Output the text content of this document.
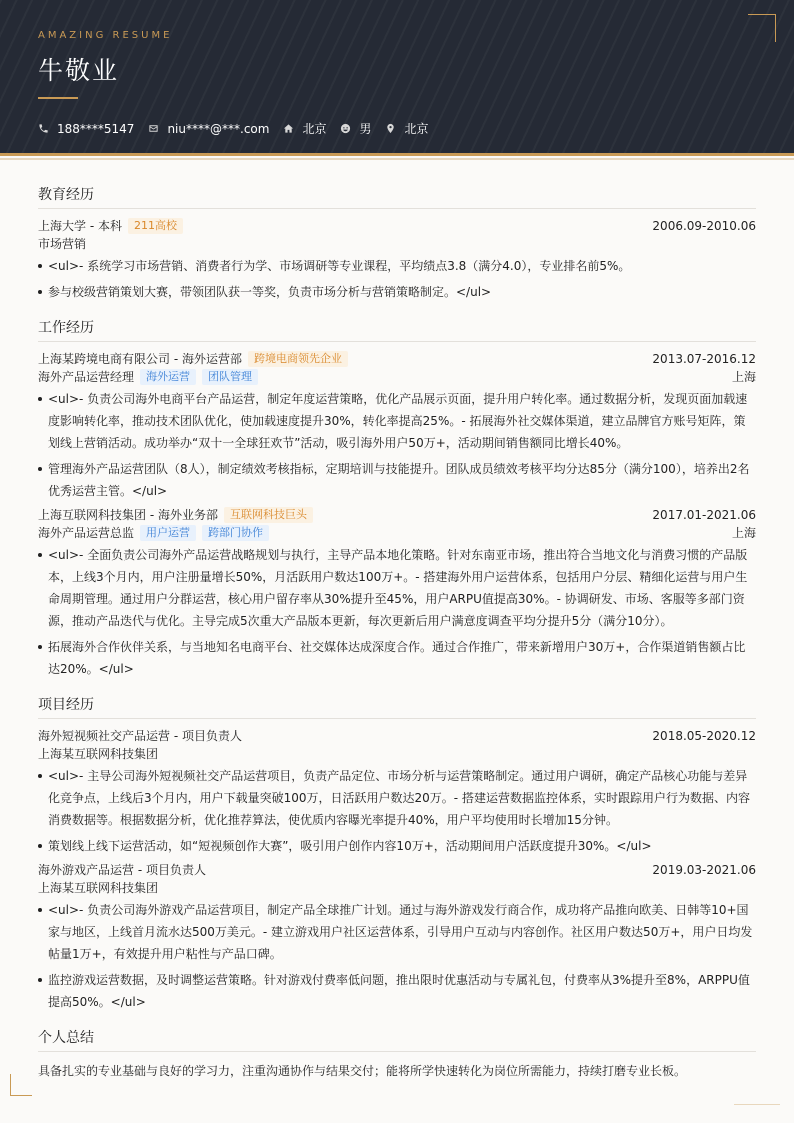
AMAZING RESUME
牛敬业
188****5147	niu****@***.com	北京	男	北京
教育经历
上海大学 - 本科	211高校	2006.09-2010.06
市场营销
<ul>- 系统学习市场营销、消费者行为学、市场调研等专业课程，平均绩点3.8（满分4.0），专业排名前5%。
参与校级营销策划大赛，带领团队获一等奖，负责市场分析与营销策略制定。</ul>
工作经历
上海某跨境电商有限公司 - 海外运营部	跨境电商领先企业	2013.07-2016.12
海外产品运营经理	海外运营	团队管理	上海
<ul>- 负责公司海外电商平台产品运营，制定年度运营策略，优化产品展示页面，提升用户转化率。通过数据分析，发现页面加载速度影响转化率，推动技术团队优化，使加载速度提升30%，转化率提高25%。- 拓展海外社交媒体渠道，建立品牌官方账号矩阵，策划线上营销活动。成功举办“双十一全球狂欢节”活动，吸引海外用户50万+，活动期间销售额同比增长40%。
管理海外产品运营团队（8人），制定绩效考核指标，定期培训与技能提升。团队成员绩效考核平均分达85分（满分100），培养出2名优秀运营主管。</ul>
上海互联网科技集团 - 海外业务部	互联网科技巨头	2017.01-2021.06
海外产品运营总监	用户运营	跨部门协作	上海
<ul>- 全面负责公司海外产品运营战略规划与执行，主导产品本地化策略。针对东南亚市场，推出符合当地文化与消费习惯的产品版本，上线3个月内，用户注册量增长50%，月活跃用户数达100万+。- 搭建海外用户运营体系，包括用户分层、精细化运营与用户生命周期管理。通过用户分群运营，核心用户留存率从30%提升至45%，用户ARPU值提高30%。- 协调研发、市场、客服等多部门资源，推动产品迭代与优化。主导完成5次重大产品版本更新，每次更新后用户满意度调查平均分提升5分（满分10分）。
拓展海外合作伙伴关系，与当地知名电商平台、社交媒体达成深度合作。通过合作推广，带来新增用户30万+，合作渠道销售额占比达20%。</ul>
项目经历
海外短视频社交产品运营 - 项目负责人	2018.05-2020.12
上海某互联网科技集团
<ul>- 主导公司海外短视频社交产品运营项目，负责产品定位、市场分析与运营策略制定。通过用户调研，确定产品核心功能与差异化竞争点，上线后3个月内，用户下载量突破100万，日活跃用户数达20万。- 搭建运营数据监控体系，实时跟踪用户行为数据、内容消费数据等。根据数据分析，优化推荐算法，使优质内容曝光率提升40%，用户平均使用时长增加15分钟。
策划线上线下运营活动，如“短视频创作大赛”，吸引用户创作内容10万+，活动期间用户活跃度提升30%。</ul>
海外游戏产品运营 - 项目负责人	2019.03-2021.06
上海某互联网科技集团
<ul>- 负责公司海外游戏产品运营项目，制定产品全球推广计划。通过与海外游戏发行商合作，成功将产品推向欧美、日韩等10+国家与地区，上线首月流水达500万美元。- 建立游戏用户社区运营体系，引导用户互动与内容创作。社区用户数达50万+，用户日均发帖量1万+，有效提升用户粘性与产品口碑。
监控游戏运营数据，及时调整运营策略。针对游戏付费率低问题，推出限时优惠活动与专属礼包，付费率从3%提升至8%，ARPPU值提高50%。</ul>
个人总结
具备扎实的专业基础与良好的学习力，注重沟通协作与结果交付；能将所学快速转化为岗位所需能力，持续打磨专业长板。
